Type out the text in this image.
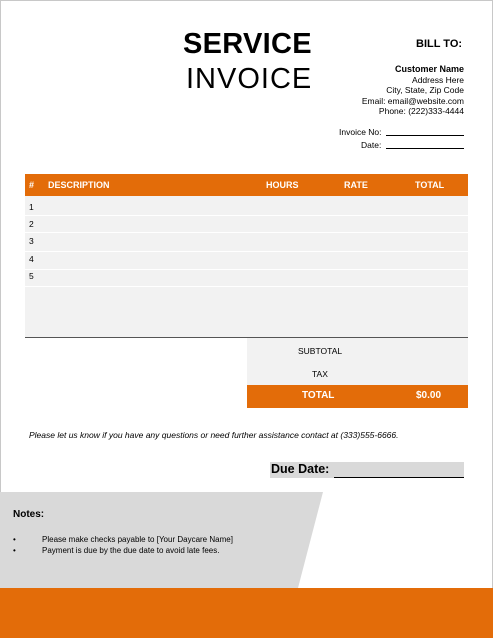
SERVICE
INVOICE
BILL TO:
Customer Name
Address Here
City, State, Zip Code
Email: email@website.com
Phone: (222)333-4444
Invoice No:
Date:
# DESCRIPTION	HOURS	RATE	TOTAL
1
2
3
4
5
SUBTOTAL
TAX
TOTAL	$0.00
Please let us know if you have any questions or need further assistance contact at (333)555-6666.
Due Date:
Notes:
•	Please make checks payable to [Your Daycare Name]
•	Payment is due by the due date to avoid late fees.
